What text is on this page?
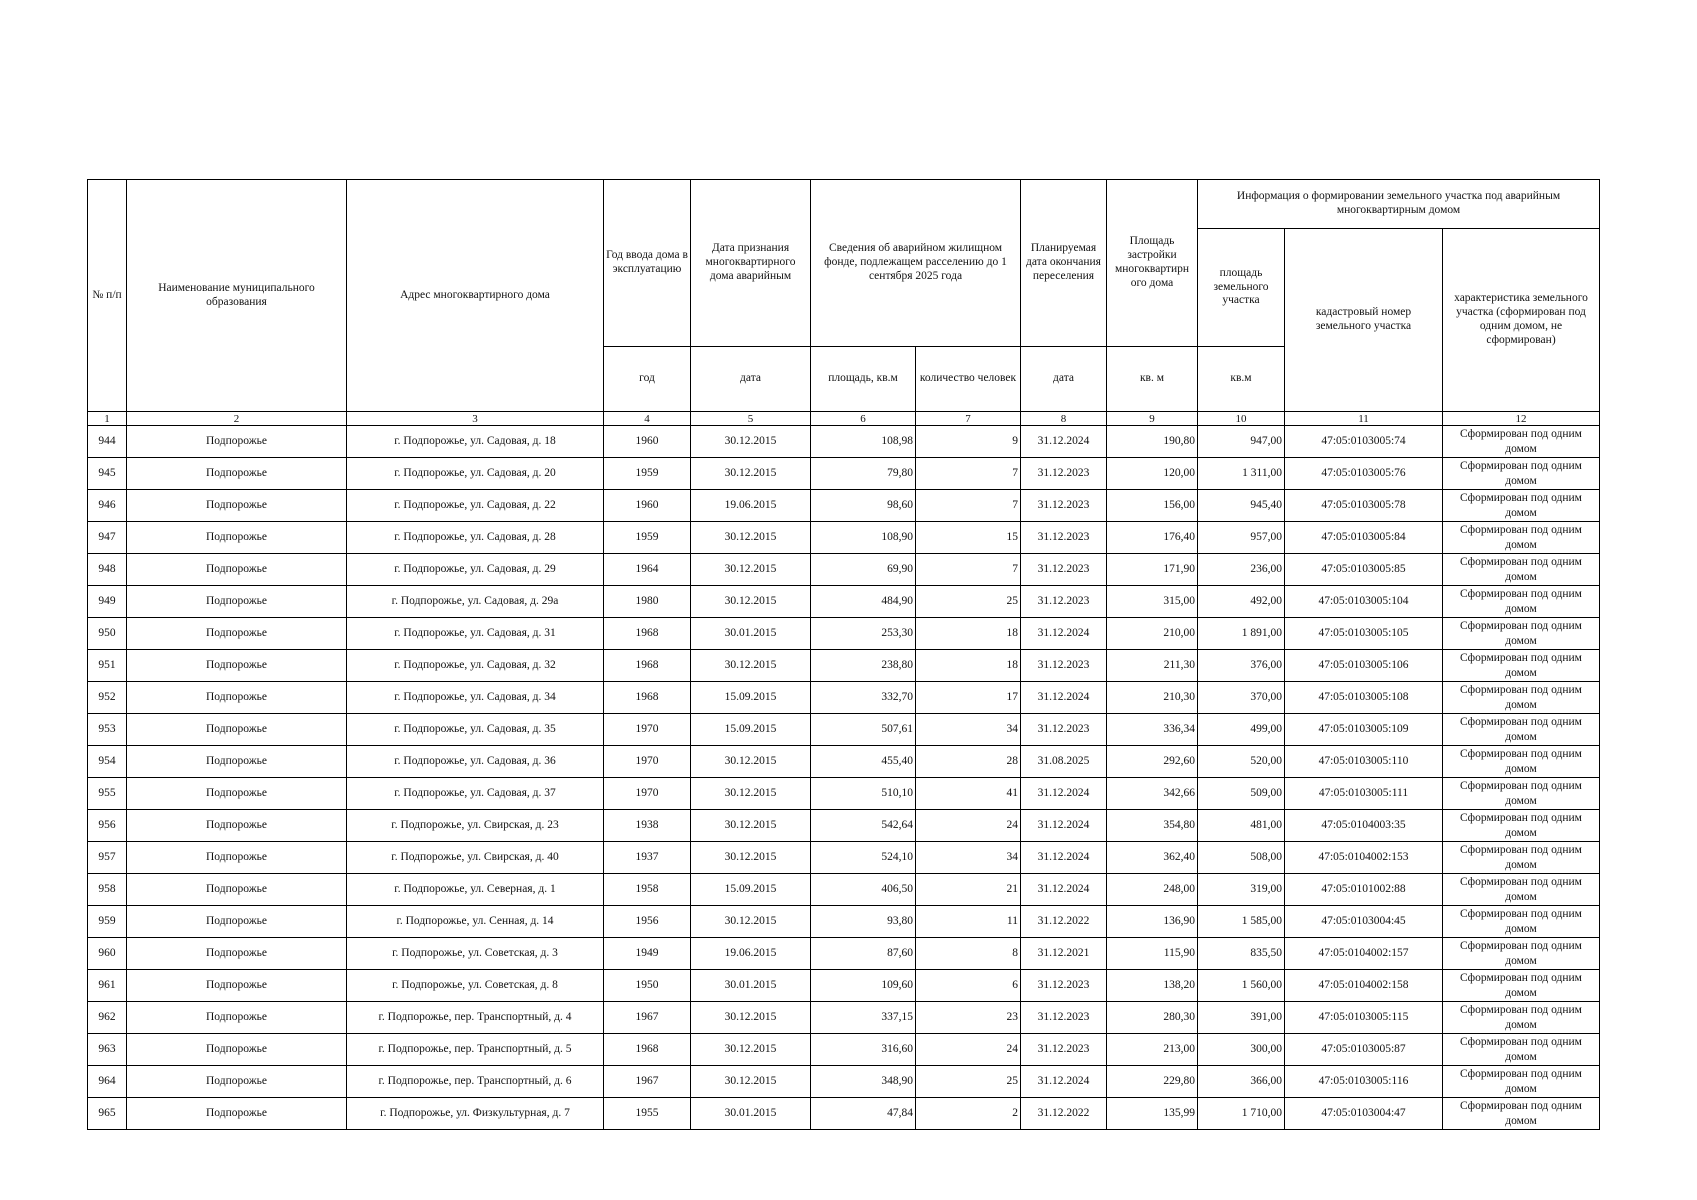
№ п/п	Наименование муниципального образования	Адрес многоквартирного дома	Год ввода дома в эксплуатацию	Дата признания многоквартирного дома аварийным	Сведения об аварийном жилищном фонде, подлежащем расселению до 1 сентября 2025 года		Планируемая дата окончания переселения	Площадь застройки многоквартирн ого дома	Информация о формировании земельного участка под аварийным многоквартирным домом		
									площадь земельного участка	кадастровый номер земельного участка	характеристика земельного участка (сформирован под одним домом, не сформирован)
			год	дата	площадь, кв.м	количество человек	дата	кв. м	кв.м		
1	2	3	4	5	6	7	8	9	10	11	12
944	Подпорожье	г. Подпорожье, ул. Садовая, д. 18	1960	30.12.2015	108,98	9	31.12.2024	190,80	947,00	47:05:0103005:74	Сформирован под одним домом

945	Подпорожье	г. Подпорожье, ул. Садовая, д. 20	1959	30.12.2015	79,80	7	31.12.2023	120,00	1 311,00	47:05:0103005:76	Сформирован под одним домом

946	Подпорожье	г. Подпорожье, ул. Садовая, д. 22	1960	19.06.2015	98,60	7	31.12.2023	156,00	945,40	47:05:0103005:78	Сформирован под одним домом

947	Подпорожье	г. Подпорожье, ул. Садовая, д. 28	1959	30.12.2015	108,90	15	31.12.2023	176,40	957,00	47:05:0103005:84	Сформирован под одним домом

948	Подпорожье	г. Подпорожье, ул. Садовая, д. 29	1964	30.12.2015	69,90	7	31.12.2023	171,90	236,00	47:05:0103005:85	Сформирован под одним домом

949	Подпорожье	г. Подпорожье, ул. Садовая, д. 29а	1980	30.12.2015	484,90	25	31.12.2023	315,00	492,00	47:05:0103005:104	Сформирован под одним домом

950	Подпорожье	г. Подпорожье, ул. Садовая, д. 31	1968	30.01.2015	253,30	18	31.12.2024	210,00	1 891,00	47:05:0103005:105	Сформирован под одним домом

951	Подпорожье	г. Подпорожье, ул. Садовая, д. 32	1968	30.12.2015	238,80	18	31.12.2023	211,30	376,00	47:05:0103005:106	Сформирован под одним домом

952	Подпорожье	г. Подпорожье, ул. Садовая, д. 34	1968	15.09.2015	332,70	17	31.12.2024	210,30	370,00	47:05:0103005:108	Сформирован под одним домом

953	Подпорожье	г. Подпорожье, ул. Садовая, д. 35	1970	15.09.2015	507,61	34	31.12.2023	336,34	499,00	47:05:0103005:109	Сформирован под одним домом

954	Подпорожье	г. Подпорожье, ул. Садовая, д. 36	1970	30.12.2015	455,40	28	31.08.2025	292,60	520,00	47:05:0103005:110	Сформирован под одним домом

955	Подпорожье	г. Подпорожье, ул. Садовая, д. 37	1970	30.12.2015	510,10	41	31.12.2024	342,66	509,00	47:05:0103005:111	Сформирован под одним домом

956	Подпорожье	г. Подпорожье, ул. Свирская, д. 23	1938	30.12.2015	542,64	24	31.12.2024	354,80	481,00	47:05:0104003:35	Сформирован под одним домом

957	Подпорожье	г. Подпорожье, ул. Свирская, д. 40	1937	30.12.2015	524,10	34	31.12.2024	362,40	508,00	47:05:0104002:153	Сформирован под одним домом

958	Подпорожье	г. Подпорожье, ул. Северная, д. 1	1958	15.09.2015	406,50	21	31.12.2024	248,00	319,00	47:05:0101002:88	Сформирован под одним домом

959	Подпорожье	г. Подпорожье, ул. Сенная, д. 14	1956	30.12.2015	93,80	11	31.12.2022	136,90	1 585,00	47:05:0103004:45	Сформирован под одним домом

960	Подпорожье	г. Подпорожье, ул. Советская, д. 3	1949	19.06.2015	87,60	8	31.12.2021	115,90	835,50	47:05:0104002:157	Сформирован под одним домом

961	Подпорожье	г. Подпорожье, ул. Советская, д. 8	1950	30.01.2015	109,60	6	31.12.2023	138,20	1 560,00	47:05:0104002:158	Сформирован под одним домом

962	Подпорожье	г. Подпорожье, пер. Транспортный, д. 4	1967	30.12.2015	337,15	23	31.12.2023	280,30	391,00	47:05:0103005:115	Сформирован под одним домом

963	Подпорожье	г. Подпорожье, пер. Транспортный, д. 5	1968	30.12.2015	316,60	24	31.12.2023	213,00	300,00	47:05:0103005:87	Сформирован под одним домом

964	Подпорожье	г. Подпорожье, пер. Транспортный, д. 6	1967	30.12.2015	348,90	25	31.12.2024	229,80	366,00	47:05:0103005:116	Сформирован под одним домом

965	Подпорожье	г. Подпорожье, ул. Физкультурная, д. 7	1955	30.01.2015	47,84	2	31.12.2022	135,99	1 710,00	47:05:0103004:47	Сформирован под одним домом
